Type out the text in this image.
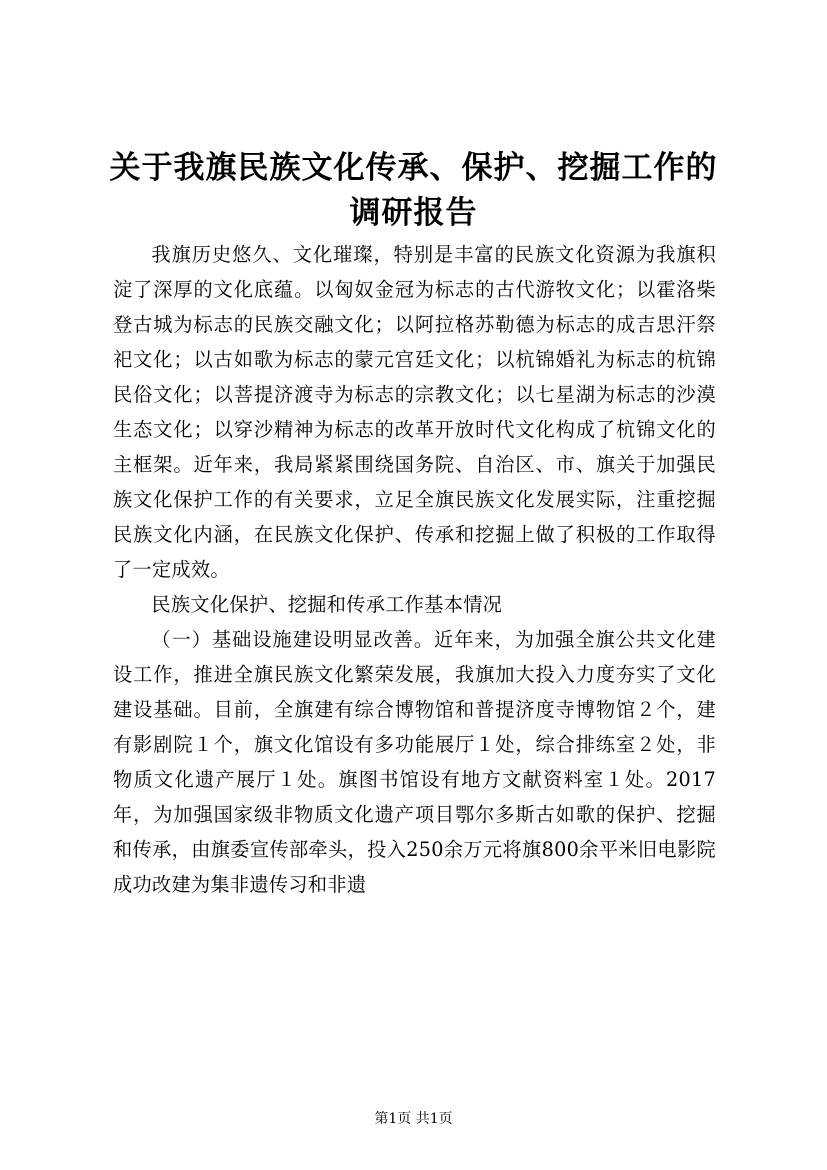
关于我旗民族文化传承、保护、挖掘工作的调研报告

我旗历史悠久、文化璀璨，特别是丰富的民族文化资源为我旗积淀了深厚的文化底蕴。以匈奴金冠为标志的古代游牧文化；以霍洛柴登古城为标志的民族交融文化；以阿拉格苏勒德为标志的成吉思汗祭祀文化；以古如歌为标志的蒙元宫廷文化；以杭锦婚礼为标志的杭锦民俗文化；以菩提济渡寺为标志的宗教文化；以七星湖为标志的沙漠生态文化；以穿沙精神为标志的改革开放时代文化构成了杭锦文化的主框架。近年来，我局紧紧围绕国务院、自治区、市、旗关于加强民族文化保护工作的有关要求，立足全旗民族文化发展实际，注重挖掘民族文化内涵，在民族文化保护、传承和挖掘上做了积极的工作取得了一定成效。

民族文化保护、挖掘和传承工作基本情况

（一）基础设施建设明显改善。近年来，为加强全旗公共文化建设工作，推进全旗民族文化繁荣发展，我旗加大投入力度夯实了文化建设基础。目前，全旗建有综合博物馆和普提济度寺博物馆２个，建有影剧院１个，旗文化馆设有多功能展厅１处，综合排练室２处，非物质文化遗产展厅１处。旗图书馆设有地方文献资料室１处。2017年，为加强国家级非物质文化遗产项目鄂尔多斯古如歌的保护、挖掘和传承，由旗委宣传部牵头，投入250余万元将旗800余平米旧电影院成功改建为集非遗传习和非遗

第1页 共1页
